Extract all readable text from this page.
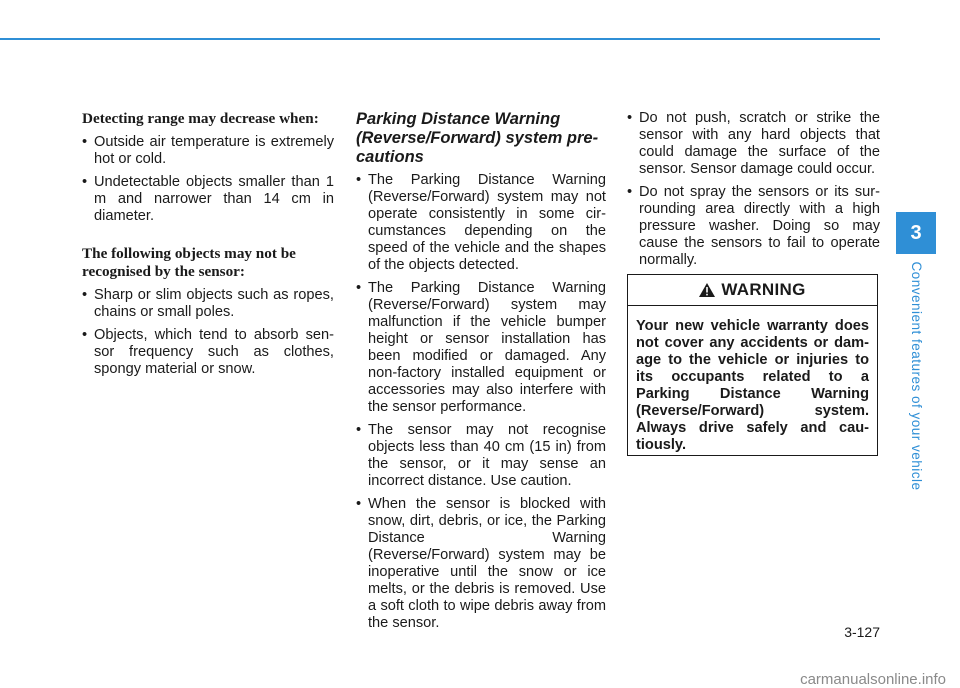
Detecting range may decrease when:
• Outside air temperature is extremely hot or cold.
• Undetectable objects smaller than 1 m and narrower than 14 cm in diameter.
The following objects may not be recognised by the sensor:
• Sharp or slim objects such as ropes, chains or small poles.
• Objects, which tend to absorb sen- sor frequency such as clothes, spongy material or snow.
Parking Distance Warning (Reverse/Forward) system pre- cautions
• The Parking Distance Warning (Reverse/Forward) system may not operate consistently in some cir- cumstances depending on the speed of the vehicle and the shapes of the objects detected.
• The Parking Distance Warning (Reverse/Forward) system may malfunction if the vehicle bumper height or sensor installation has been modified or damaged. Any non-factory installed equipment or accessories may also interfere with the sensor performance.
• The sensor may not recognise objects less than 40 cm (15 in) from the sensor, or it may sense an incorrect distance. Use caution.
• When the sensor is blocked with snow, dirt, debris, or ice, the Parking Distance Warning (Reverse/Forward) system may be inoperative until the snow or ice melts, or the debris is removed. Use a soft cloth to wipe debris away from the sensor.
• Do not push, scratch or strike the sensor with any hard objects that could damage the surface of the sensor. Sensor damage could occur.
• Do not spray the sensors or its sur- rounding area directly with a high pressure washer. Doing so may cause the sensors to fail to operate normally.
WARNING
Your new vehicle warranty does not cover any accidents or dam- age to the vehicle or injuries to its occupants related to a Parking Distance Warning (Reverse/Forward) system. Always drive safely and cau- tiously.
3
Convenient features of your vehicle
3-127
carmanualsonline.info
